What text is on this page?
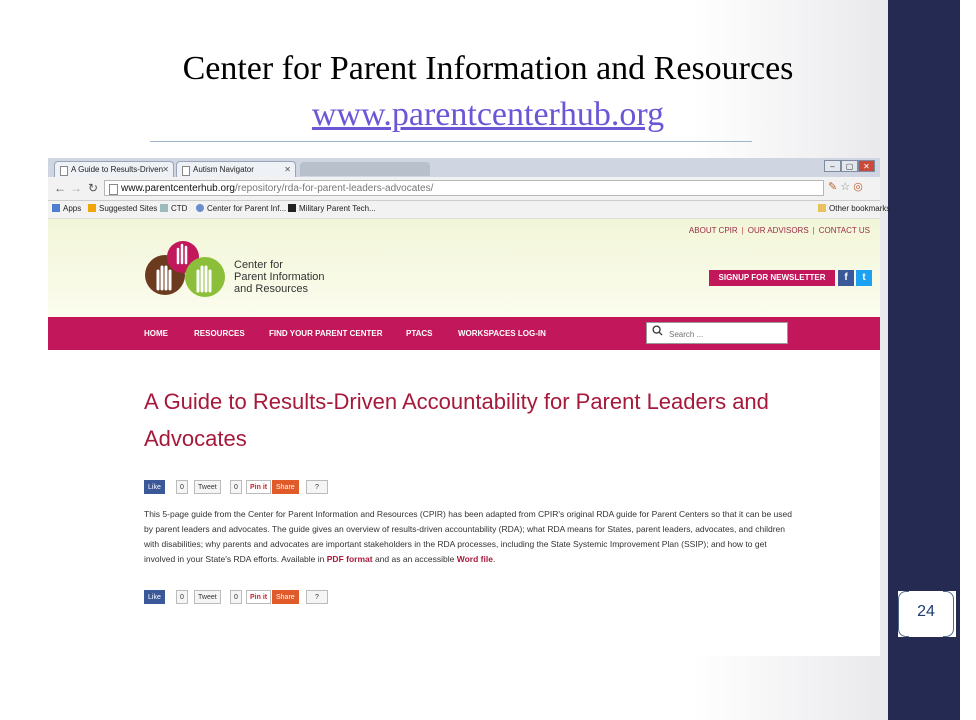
Center for Parent Information and Resources
www.parentcenterhub.org
24
A Guide to Results-Driven ✕	Autism Navigator	✕	–	▢	✕
← → ↻	www.parentcenterhub.org/repository/rda-for-parent-leaders-advocates/	✎ ☆ ◎
Apps	Suggested Sites	CTD	Center for Parent Inf...	Military Parent Tech...	Other bookmarks
ABOUT CPIR | OUR ADVISORS | CONTACT US
Center for
Parent Information
and Resources
SIGNUP FOR NEWSLETTER	f	t
HOME	RESOURCES	FIND YOUR PARENT CENTER	PTACS	WORKSPACES LOG-IN
Search ...
A Guide to Results-Driven Accountability for Parent Leaders and Advocates
Like	0	Tweet	0	Pin it	Share	?
This 5-page guide from the Center for Parent Information and Resources (CPIR) has been adapted from CPIR's original RDA guide for Parent Centers so that it can be used by parent leaders and advocates. The guide gives an overview of results-driven accountability (RDA); what RDA means for States, parent leaders, advocates, and children with disabilities; why parents and advocates are important stakeholders in the RDA processes, including the State Systemic Improvement Plan (SSIP); and how to get involved in your State's RDA efforts. Available in PDF format and as an accessible Word file.
Like	0	Tweet	0	Pin it	Share	?
